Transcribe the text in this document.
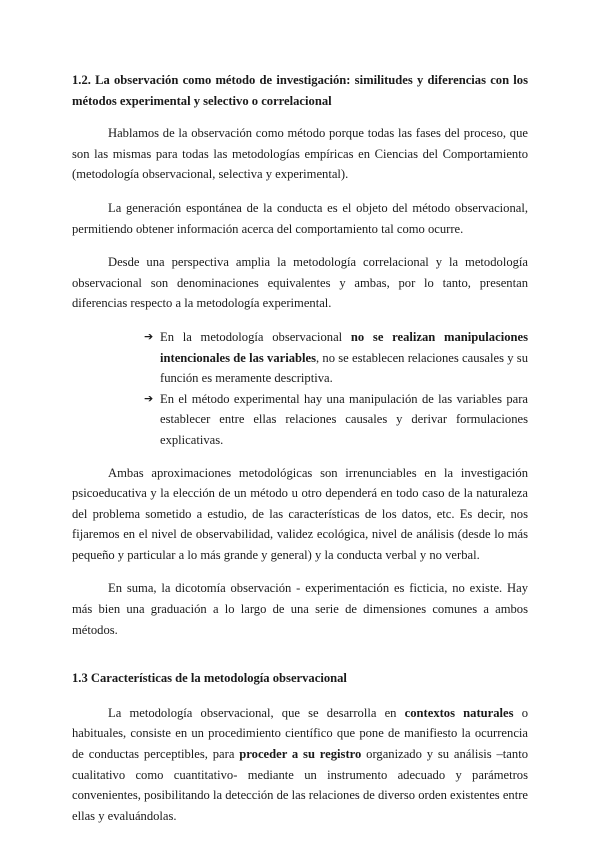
1.2. La observación como método de investigación: similitudes y diferencias con los métodos experimental y selectivo o correlacional

Hablamos de la observación como método porque todas las fases del proceso, que son las mismas para todas las metodologías empíricas en Ciencias del Comportamiento (metodología observacional, selectiva y experimental).

La generación espontánea de la conducta es el objeto del método observacional, permitiendo obtener información acerca del comportamiento tal como ocurre.

Desde una perspectiva amplia la metodología correlacional y la metodología observacional son denominaciones equivalentes y ambas, por lo tanto, presentan diferencias respecto a la metodología experimental.

➔ En la metodología observacional no se realizan manipulaciones intencionales de las variables, no se establecen relaciones causales y su función es meramente descriptiva.
➔ En el método experimental hay una manipulación de las variables para establecer entre ellas relaciones causales y derivar formulaciones explicativas.

Ambas aproximaciones metodológicas son irrenunciables en la investigación psicoeducativa y la elección de un método u otro dependerá en todo caso de la naturaleza del problema sometido a estudio, de las características de los datos, etc. Es decir, nos fijaremos en el nivel de observabilidad, validez ecológica, nivel de análisis (desde lo más pequeño y particular a lo más grande y general) y la conducta verbal y no verbal.

En suma, la dicotomía observación - experimentación es ficticia, no existe. Hay más bien una graduación a lo largo de una serie de dimensiones comunes a ambos métodos.

1.3 Características de la metodología observacional

La metodología observacional, que se desarrolla en contextos naturales o habituales, consiste en un procedimiento científico que pone de manifiesto la ocurrencia de conductas perceptibles, para proceder a su registro organizado y su análisis –tanto cualitativo como cuantitativo- mediante un instrumento adecuado y parámetros convenientes, posibilitando la detección de las relaciones de diverso orden existentes entre ellas y evaluándolas.
